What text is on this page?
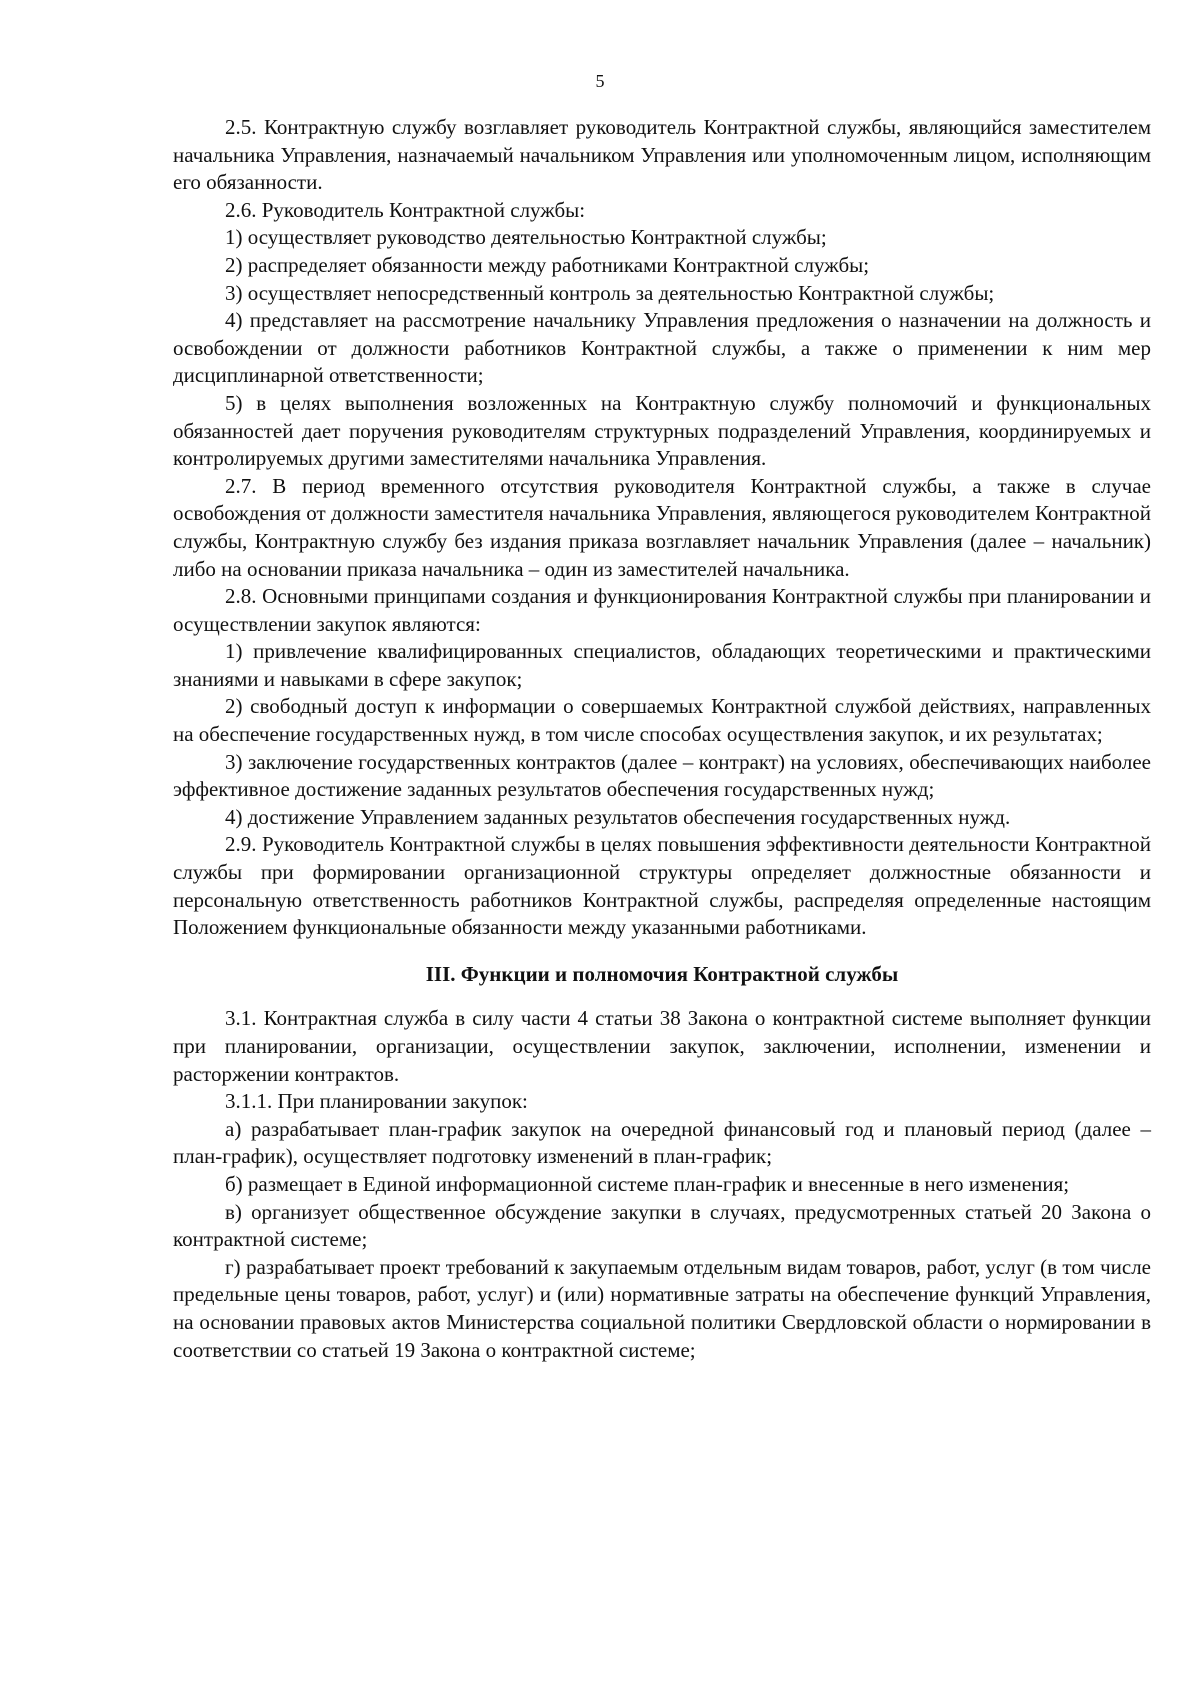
5

2.5. Контрактную службу возглавляет руководитель Контрактной службы, являющийся заместителем начальника Управления, назначаемый начальником Управления или уполномоченным лицом, исполняющим его обязанности.

2.6. Руководитель Контрактной службы:

1) осуществляет руководство деятельностью Контрактной службы;

2) распределяет обязанности между работниками Контрактной службы;

3) осуществляет непосредственный контроль за деятельностью Контрактной службы;

4) представляет на рассмотрение начальнику Управления предложения о назначении на должность и освобождении от должности работников Контрактной службы, а также о применении к ним мер дисциплинарной ответственности;

5) в целях выполнения возложенных на Контрактную службу полномочий и функциональных обязанностей дает поручения руководителям структурных подразделений Управления, координируемых и контролируемых другими заместителями начальника Управления.

2.7. В период временного отсутствия руководителя Контрактной службы, а также в случае освобождения от должности заместителя начальника Управления, являющегося руководителем Контрактной службы, Контрактную службу без издания приказа возглавляет начальник Управления (далее – начальник) либо на основании приказа начальника – один из заместителей начальника.

2.8. Основными принципами создания и функционирования Контрактной службы при планировании и осуществлении закупок являются:

1) привлечение квалифицированных специалистов, обладающих теоретическими и практическими знаниями и навыками в сфере закупок;

2) свободный доступ к информации о совершаемых Контрактной службой действиях, направленных на обеспечение государственных нужд, в том числе способах осуществления закупок, и их результатах;

3) заключение государственных контрактов (далее – контракт) на условиях, обеспечивающих наиболее эффективное достижение заданных результатов обеспечения государственных нужд;

4) достижение Управлением заданных результатов обеспечения государственных нужд.

2.9. Руководитель Контрактной службы в целях повышения эффективности деятельности Контрактной службы при формировании организационной структуры определяет должностные обязанности и персональную ответственность работников Контрактной службы, распределяя определенные настоящим Положением функциональные обязанности между указанными работниками.

III. Функции и полномочия Контрактной службы

3.1. Контрактная служба в силу части 4 статьи 38 Закона о контрактной системе выполняет функции при планировании, организации, осуществлении закупок, заключении, исполнении, изменении и расторжении контрактов.

3.1.1. При планировании закупок:

а) разрабатывает план-график закупок на очередной финансовый год и плановый период (далее – план-график), осуществляет подготовку изменений в план-график;

б) размещает в Единой информационной системе план-график и внесенные в него изменения;

в) организует общественное обсуждение закупки в случаях, предусмотренных статьей 20 Закона о контрактной системе;

г) разрабатывает проект требований к закупаемым отдельным видам товаров, работ, услуг (в том числе предельные цены товаров, работ, услуг) и (или) нормативные затраты на обеспечение функций Управления, на основании правовых актов Министерства социальной политики Свердловской области о нормировании в соответствии со статьей 19 Закона о контрактной системе;
